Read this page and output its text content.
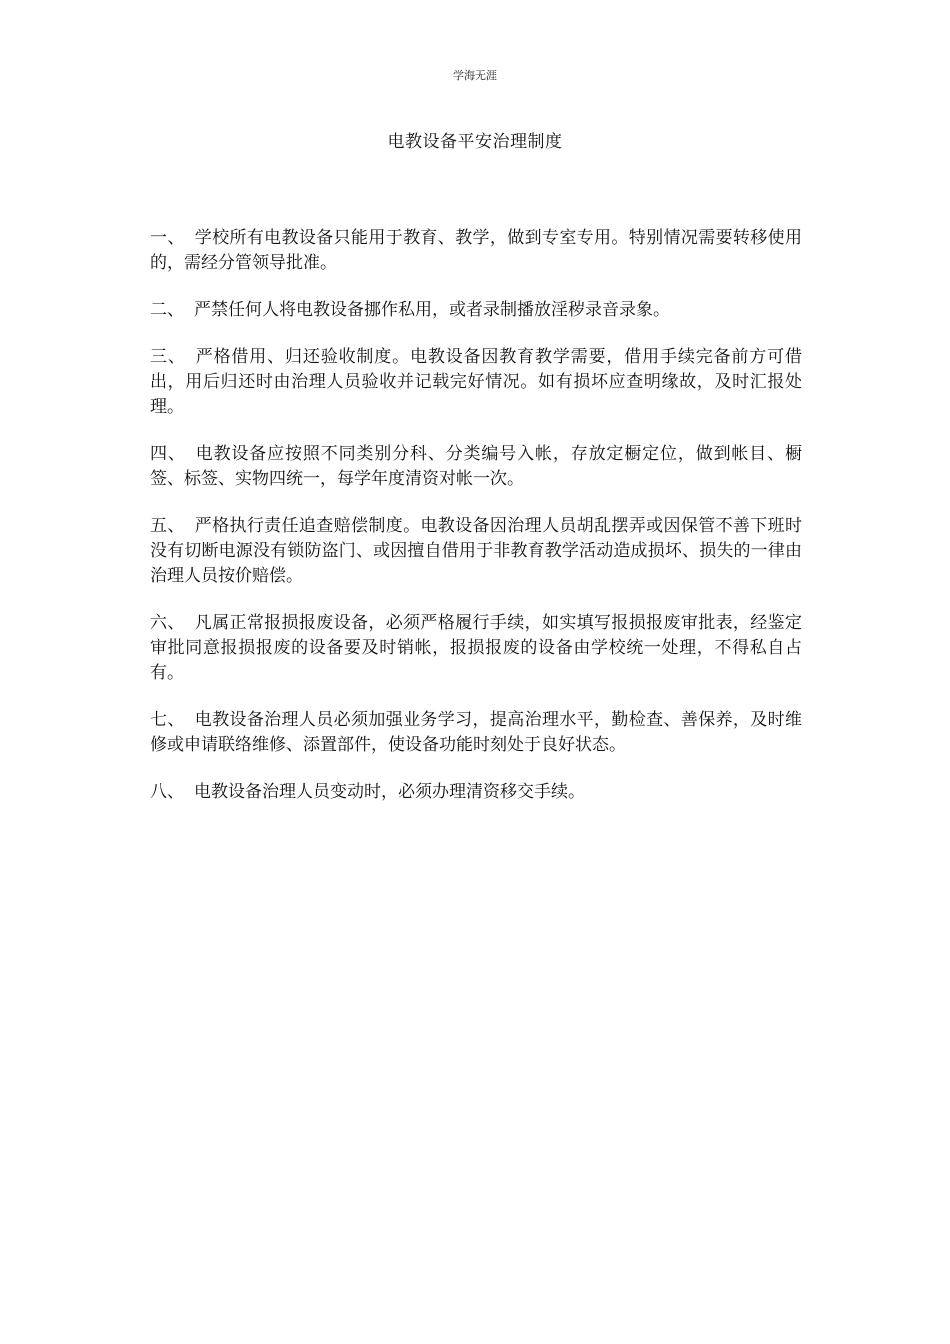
学海无涯
电教设备平安治理制度
一、 学校所有电教设备只能用于教育、教学，做到专室专用。特别情况需要转移使用的，需经分管领导批准。
二、 严禁任何人将电教设备挪作私用，或者录制播放淫秽录音录象。
三、 严格借用、归还验收制度。电教设备因教育教学需要，借用手续完备前方可借出，用后归还时由治理人员验收并记载完好情况。如有损坏应查明缘故，及时汇报处理。
四、 电教设备应按照不同类别分科、分类编号入帐，存放定橱定位，做到帐目、橱签、标签、实物四统一，每学年度清资对帐一次。
五、 严格执行责任追查赔偿制度。电教设备因治理人员胡乱摆弄或因保管不善下班时没有切断电源没有锁防盗门、或因擅自借用于非教育教学活动造成损坏、损失的一律由治理人员按价赔偿。
六、 凡属正常报损报废设备，必须严格履行手续，如实填写报损报废审批表，经鉴定审批同意报损报废的设备要及时销帐，报损报废的设备由学校统一处理，不得私自占有。
七、 电教设备治理人员必须加强业务学习，提高治理水平，勤检查、善保养，及时维修或申请联络维修、添置部件，使设备功能时刻处于良好状态。
八、 电教设备治理人员变动时，必须办理清资移交手续。
